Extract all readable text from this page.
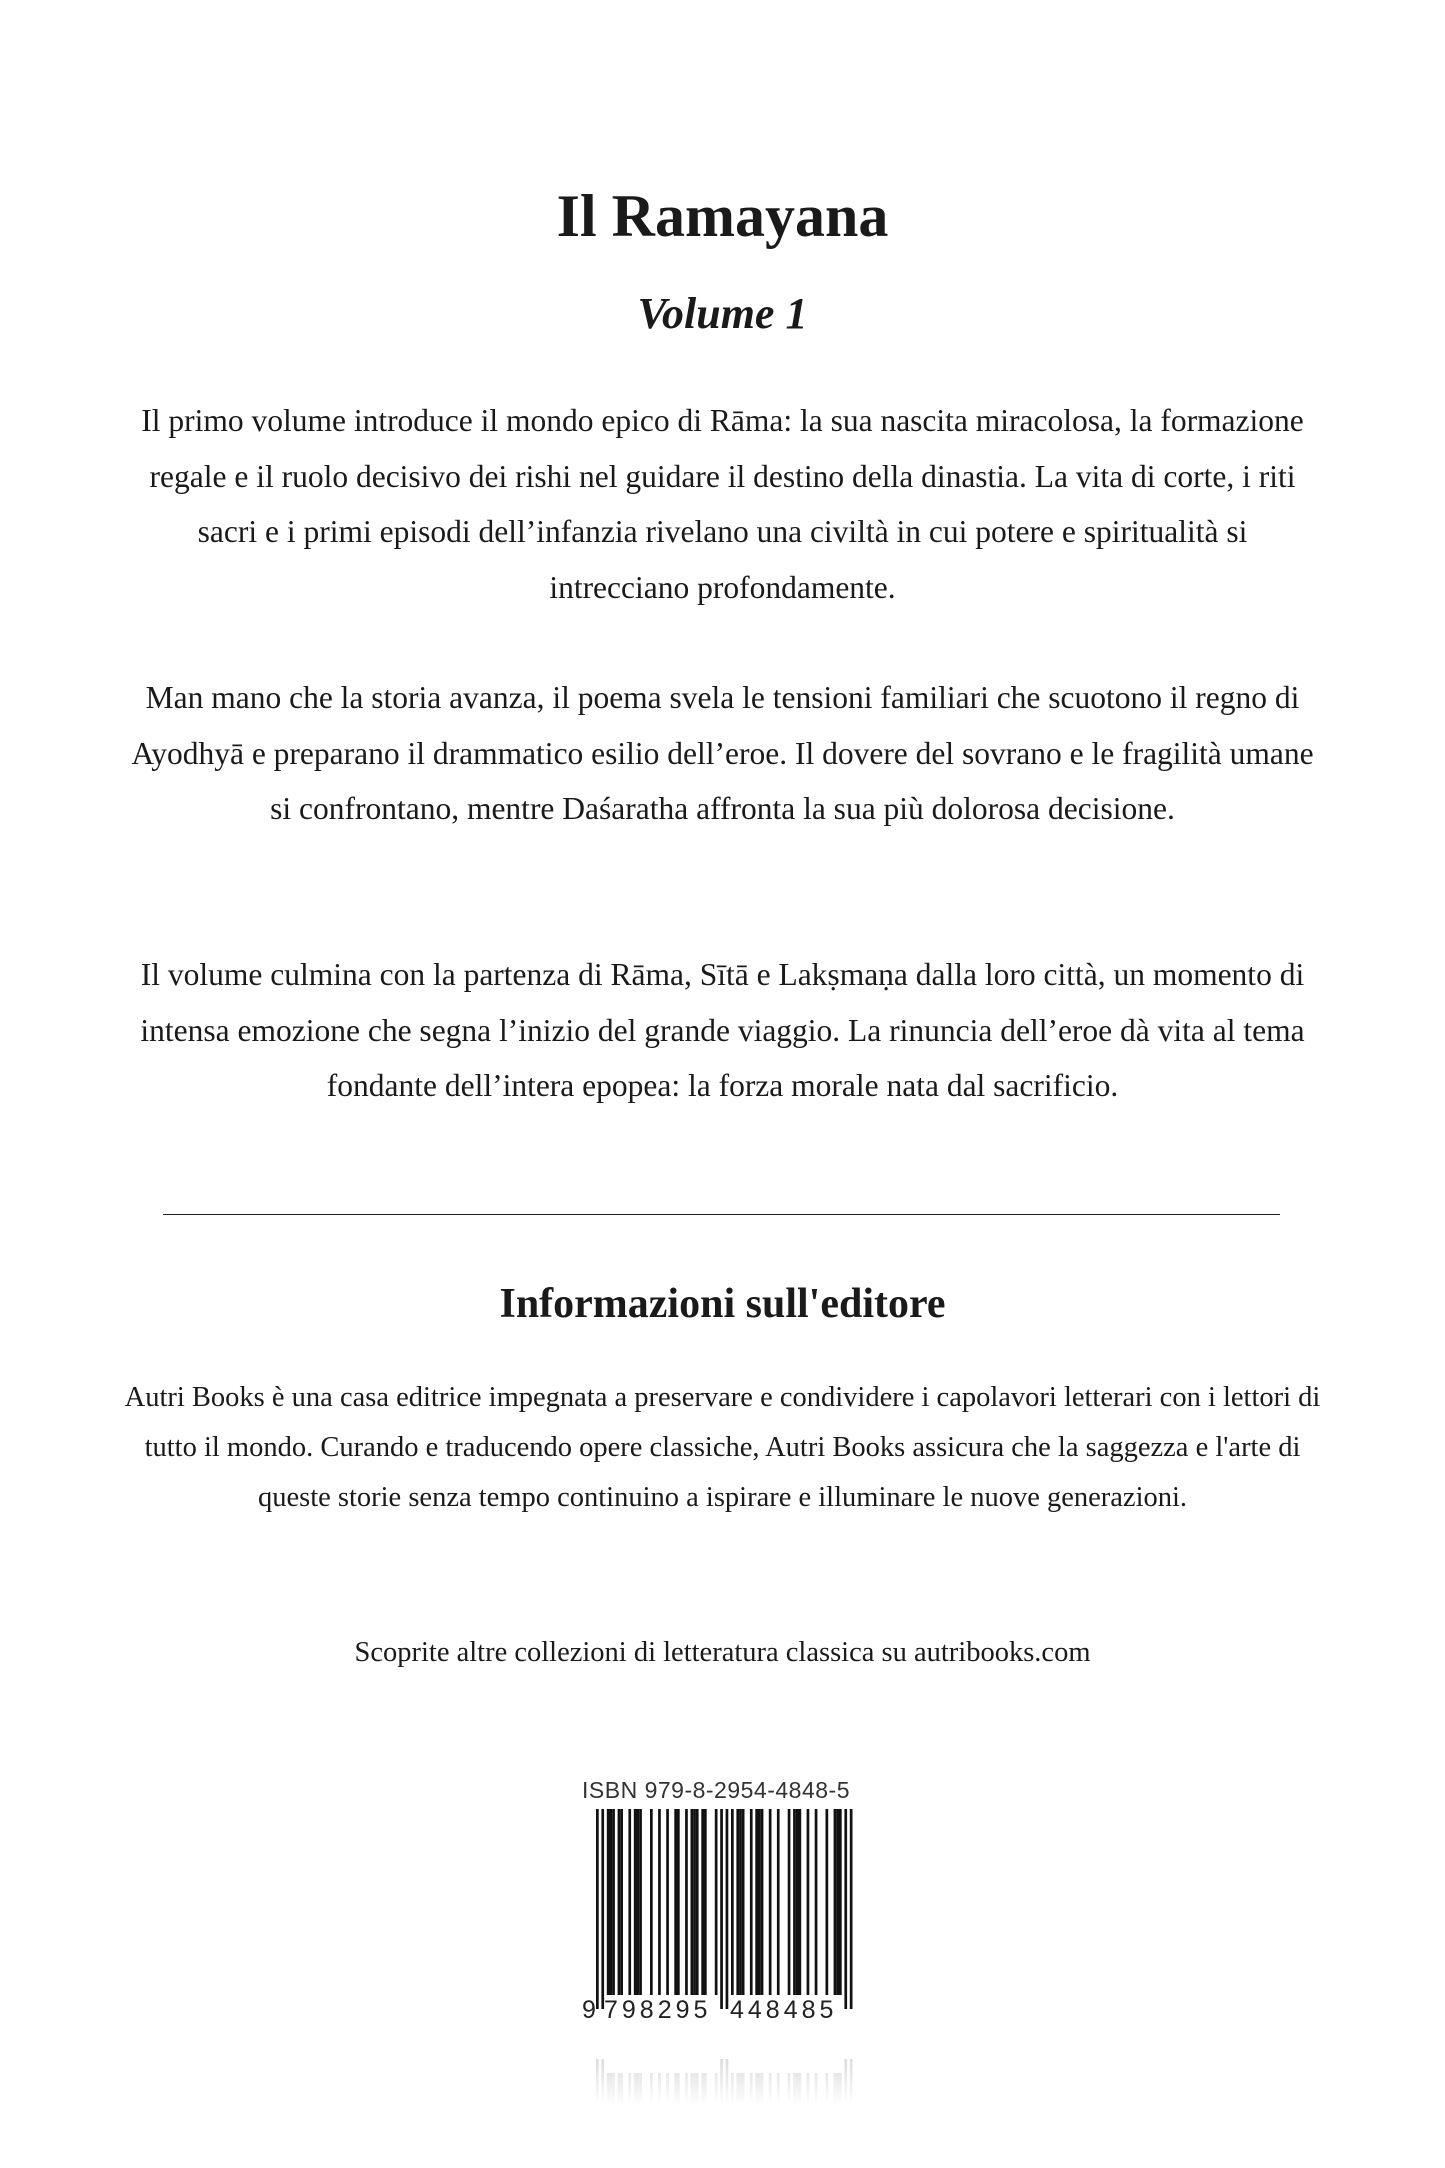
Il Ramayana
Volume 1

Il primo volume introduce il mondo epico di Rāma: la sua nascita miracolosa, la formazione regale e il ruolo decisivo dei rishi nel guidare il destino della dinastia. La vita di corte, i riti sacri e i primi episodi dell’infanzia rivelano una civiltà in cui potere e spiritualità si intrecciano profondamente.

Man mano che la storia avanza, il poema svela le tensioni familiari che scuotono il regno di Ayodhyā e preparano il drammatico esilio dell’eroe. Il dovere del sovrano e le fragilità umane si confrontano, mentre Daśaratha affronta la sua più dolorosa decisione.

Il volume culmina con la partenza di Rāma, Sītā e Lakṣmaṇa dalla loro città, un momento di intensa emozione che segna l’inizio del grande viaggio. La rinuncia dell’eroe dà vita al tema fondante dell’intera epopea: la forza morale nata dal sacrificio.

Informazioni sull'editore

Autri Books è una casa editrice impegnata a preservare e condividere i capolavori letterari con i lettori di tutto il mondo. Curando e traducendo opere classiche, Autri Books assicura che la saggezza e l'arte di queste storie senza tempo continuino a ispirare e illuminare le nuove generazioni.

Scoprite altre collezioni di letteratura classica su autribooks.com

ISBN 979-8-2954-4848-5
9 798295 448485
